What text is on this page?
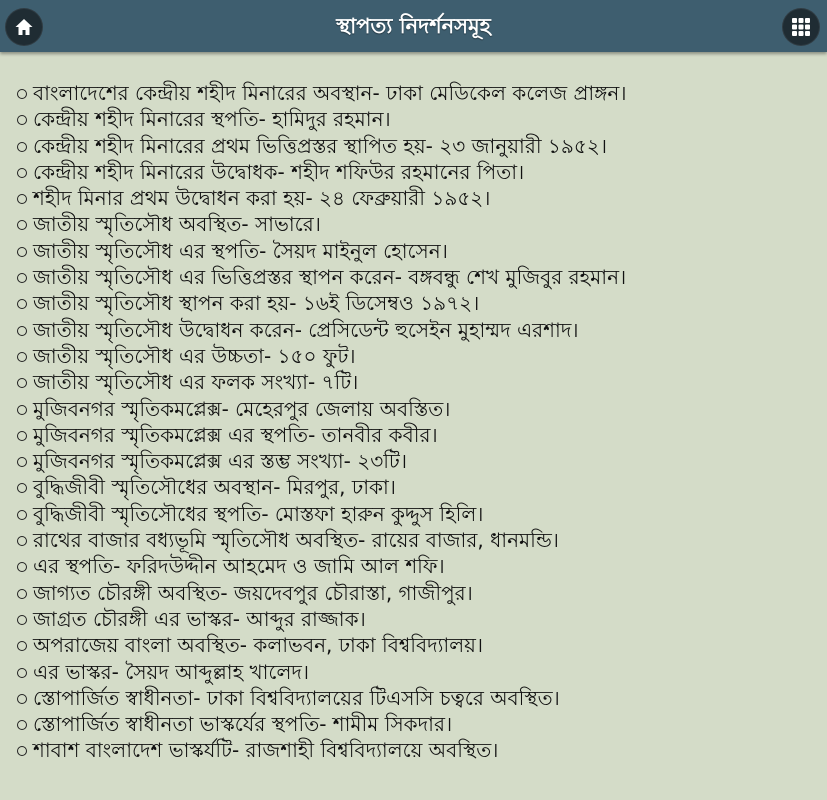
স্থাপত্য নিদর্শনসমূহ
বাংলাদেশের কেন্দ্রীয় শহীদ মিনারের অবস্থান- ঢাকা মেডিকেল কলেজ প্রাঙ্গন।
কেন্দ্রীয় শহীদ মিনারের স্থপতি- হামিদুর রহমান।
কেন্দ্রীয় শহীদ মিনারের প্রথম ভিত্তিপ্রস্তর স্থাপিত হয়- ২৩ জানুয়ারী ১৯৫২।
কেন্দ্রীয় শহীদ মিনারের উদ্বোধক- শহীদ শফিউর রহমানের পিতা।
শহীদ মিনার প্রথম উদ্বোধন করা হয়- ২৪ ফেব্রুয়ারী ১৯৫২।
জাতীয় স্মৃতিসৌধ অবস্থিত- সাভারে।
জাতীয় স্মৃতিসৌধ এর স্থপতি- সৈয়দ মাইনুল হোসেন।
জাতীয় স্মৃতিসৌধ এর ভিত্তিপ্রস্তর স্থাপন করেন- বঙ্গবন্ধু শেখ মুজিবুর রহমান।
জাতীয় স্মৃতিসৌধ স্থাপন করা হয়- ১৬ই ডিসেম্বও ১৯৭২।
জাতীয় স্মৃতিসৌধ উদ্বোধন করেন- প্রেসিডেন্ট হুসেইন মুহাম্মদ এরশাদ।
জাতীয় স্মৃতিসৌধ এর উচ্চতা- ১৫০ ফুট।
জাতীয় স্মৃতিসৌধ এর ফলক সংখ্যা- ৭টি।
মুজিবনগর স্মৃতিকমপ্লেক্স- মেহেরপুর জেলায় অবস্তিত।
মুজিবনগর স্মৃতিকমপ্লেক্স এর স্থপতি- তানবীর কবীর।
মুজিবনগর স্মৃতিকমপ্লেক্স এর স্তম্ভ সংখ্যা- ২৩টি।
বুদ্ধিজীবী স্মৃতিসৌধের অবস্থান- মিরপুর, ঢাকা।
বুদ্ধিজীবী স্মৃতিসৌধের স্থপতি- মোস্তফা হারুন কুদ্দুস হিলি।
রাথের বাজার বধ্যভূমি স্মৃতিসৌধ অবস্থিত- রায়ের বাজার, ধানমন্ডি।
এর স্থপতি- ফরিদউদ্দীন আহমেদ ও জামি আল শফি।
জাগ্যত চৌরঙ্গী অবস্থিত- জয়দেবপুর চৌরাস্তা, গাজীপুর।
জাগ্রত চৌরঙ্গী এর ভাস্কর- আব্দুর রাজ্জাক।
অপরাজেয় বাংলা অবস্থিত- কলাভবন, ঢাকা বিশ্ববিদ্যালয়।
এর ভাস্কর- সৈয়দ আব্দুল্লাহ খালেদ।
স্তোপার্জিত স্বাধীনতা- ঢাকা বিশ্ববিদ্যালয়ের টিএসসি চত্বরে অবস্থিত।
স্তোপার্জিত স্বাধীনতা ভাস্কর্যের স্থপতি- শামীম সিকদার।
শাবাশ বাংলাদেশ ভাস্কর্যটি- রাজশাহী বিশ্ববিদ্যালয়ে অবস্থিত।
